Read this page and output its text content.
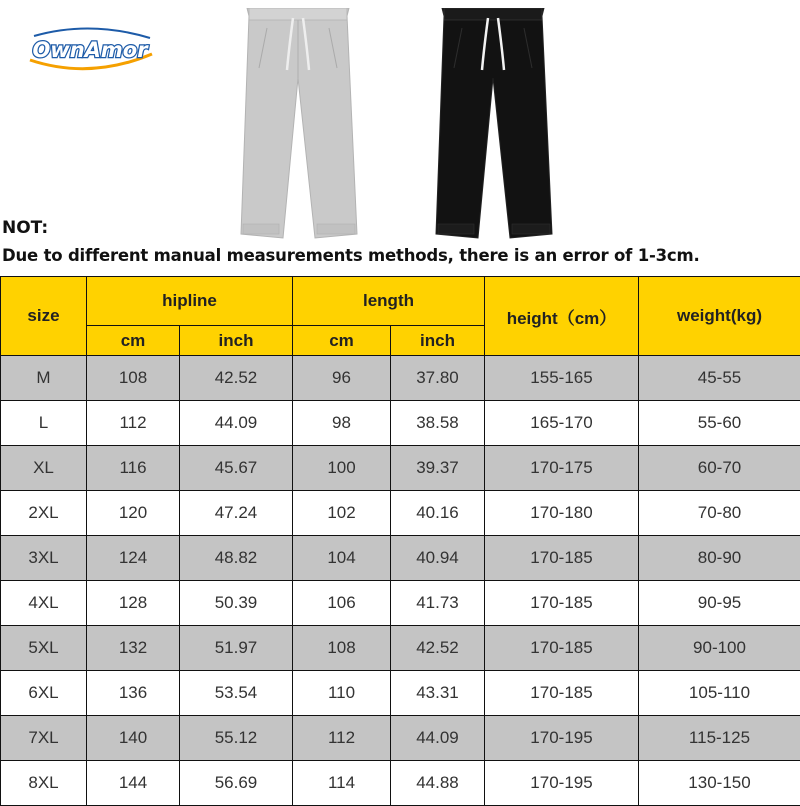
OwnAmor
NOT:
Due to different manual measurements methods, there is an error of 1-3cm.
size	hipline		length		height（cm）	weight(kg)
	cm	inch	cm	inch		
M	108	42.52	96	37.80	155-165	45-55
L	112	44.09	98	38.58	165-170	55-60
XL	116	45.67	100	39.37	170-175	60-70
2XL	120	47.24	102	40.16	170-180	70-80
3XL	124	48.82	104	40.94	170-185	80-90
4XL	128	50.39	106	41.73	170-185	90-95
5XL	132	51.97	108	42.52	170-185	90-100
6XL	136	53.54	110	43.31	170-185	105-110
7XL	140	55.12	112	44.09	170-195	115-125
8XL	144	56.69	114	44.88	170-195	130-150
